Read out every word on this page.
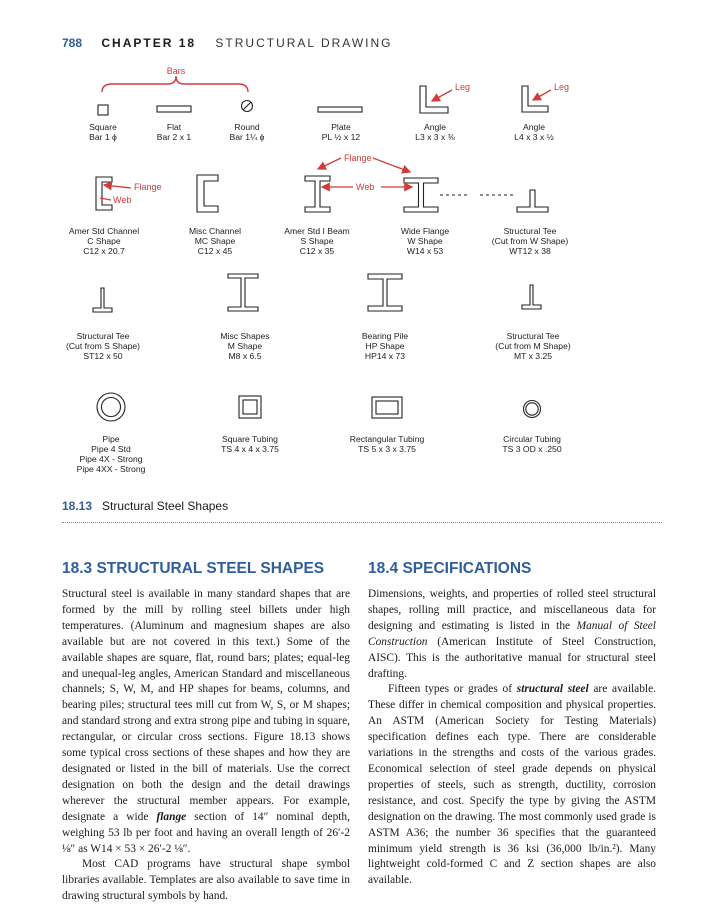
788 CHAPTER 18 STRUCTURAL DRAWING
Bars
Leg	Leg
Flange
Web
Flange
Web
Square
Bar 1 ϕ
Flat
Bar 2 x 1
Round
Bar 1¼ ϕ
Plate
PL ½ x 12
Angle
L3 x 3 x ⅜
Angle
L4 x 3 x ½
Amer Std Channel
C Shape
C12 x 20.7
Misc Channel
MC Shape
C12 x 45
Amer Std I Beam
S Shape
C12 x 35
Wide Flange
W Shape
W14 x 53
Structural Tee
(Cut from W Shape)
WT12 x 38
Structural Tee
(Cut from S Shape)
ST12 x 50
Misc Shapes
M Shape
M8 x 6.5
Bearing Pile
HP Shape
HP14 x 73
Structural Tee
(Cut from M Shape)
MT x 3.25
Pipe
Pipe 4 Std
Pipe 4X - Strong
Pipe 4XX - Strong
Square Tubing
TS 4 x 4 x 3.75
Rectangular Tubing
TS 5 x 3 x 3.75
Circular Tubing
TS 3 OD x .250
18.13 Structural Steel Shapes
18.3 STRUCTURAL STEEL SHAPES

Structural steel is available in many standard shapes that are formed by the mill by rolling steel billets under high temperatures. (Aluminum and magnesium shapes are also available but are not covered in this text.) Some of the available shapes are square, flat, round bars; plates; equal-leg and unequal-leg angles, American Standard and miscellaneous channels; S, W, M, and HP shapes for beams, columns, and bearing piles; structural tees mill cut from W, S, or M shapes; and standard strong and extra strong pipe and tubing in square, rectangular, or circular cross sections. Figure 18.13 shows some typical cross sections of these shapes and how they are designated or listed in the bill of materials. Use the correct designation on both the design and the detail drawings wherever the structural member appears. For example, designate a wide flange section of 14″ nominal depth, weighing 53 lb per foot and having an overall length of 26′-2 ⅛″ as W14 × 53 × 26′-2 ⅛″.

Most CAD programs have structural shape symbol libraries available. Templates are also available to save time in drawing structural symbols by hand.

18.4 SPECIFICATIONS

Dimensions, weights, and properties of rolled steel structural shapes, rolling mill practice, and miscellaneous data for designing and estimating is listed in the Manual of Steel Construction (American Institute of Steel Construction, AISC). This is the authoritative manual for structural steel drafting.

Fifteen types or grades of structural steel are available. These differ in chemical composition and physical properties. An ASTM (American Society for Testing Materials) specification defines each type. There are considerable variations in the strengths and costs of the various grades. Economical selection of steel grade depends on physical properties of steels, such as strength, ductility, corrosion resistance, and cost. Specify the type by giving the ASTM designation on the drawing. The most commonly used grade is ASTM A36; the number 36 specifies that the guaranteed minimum yield strength is 36 ksi (36,000 lb/in.²). Many lightweight cold-formed C and Z section shapes are also available.
